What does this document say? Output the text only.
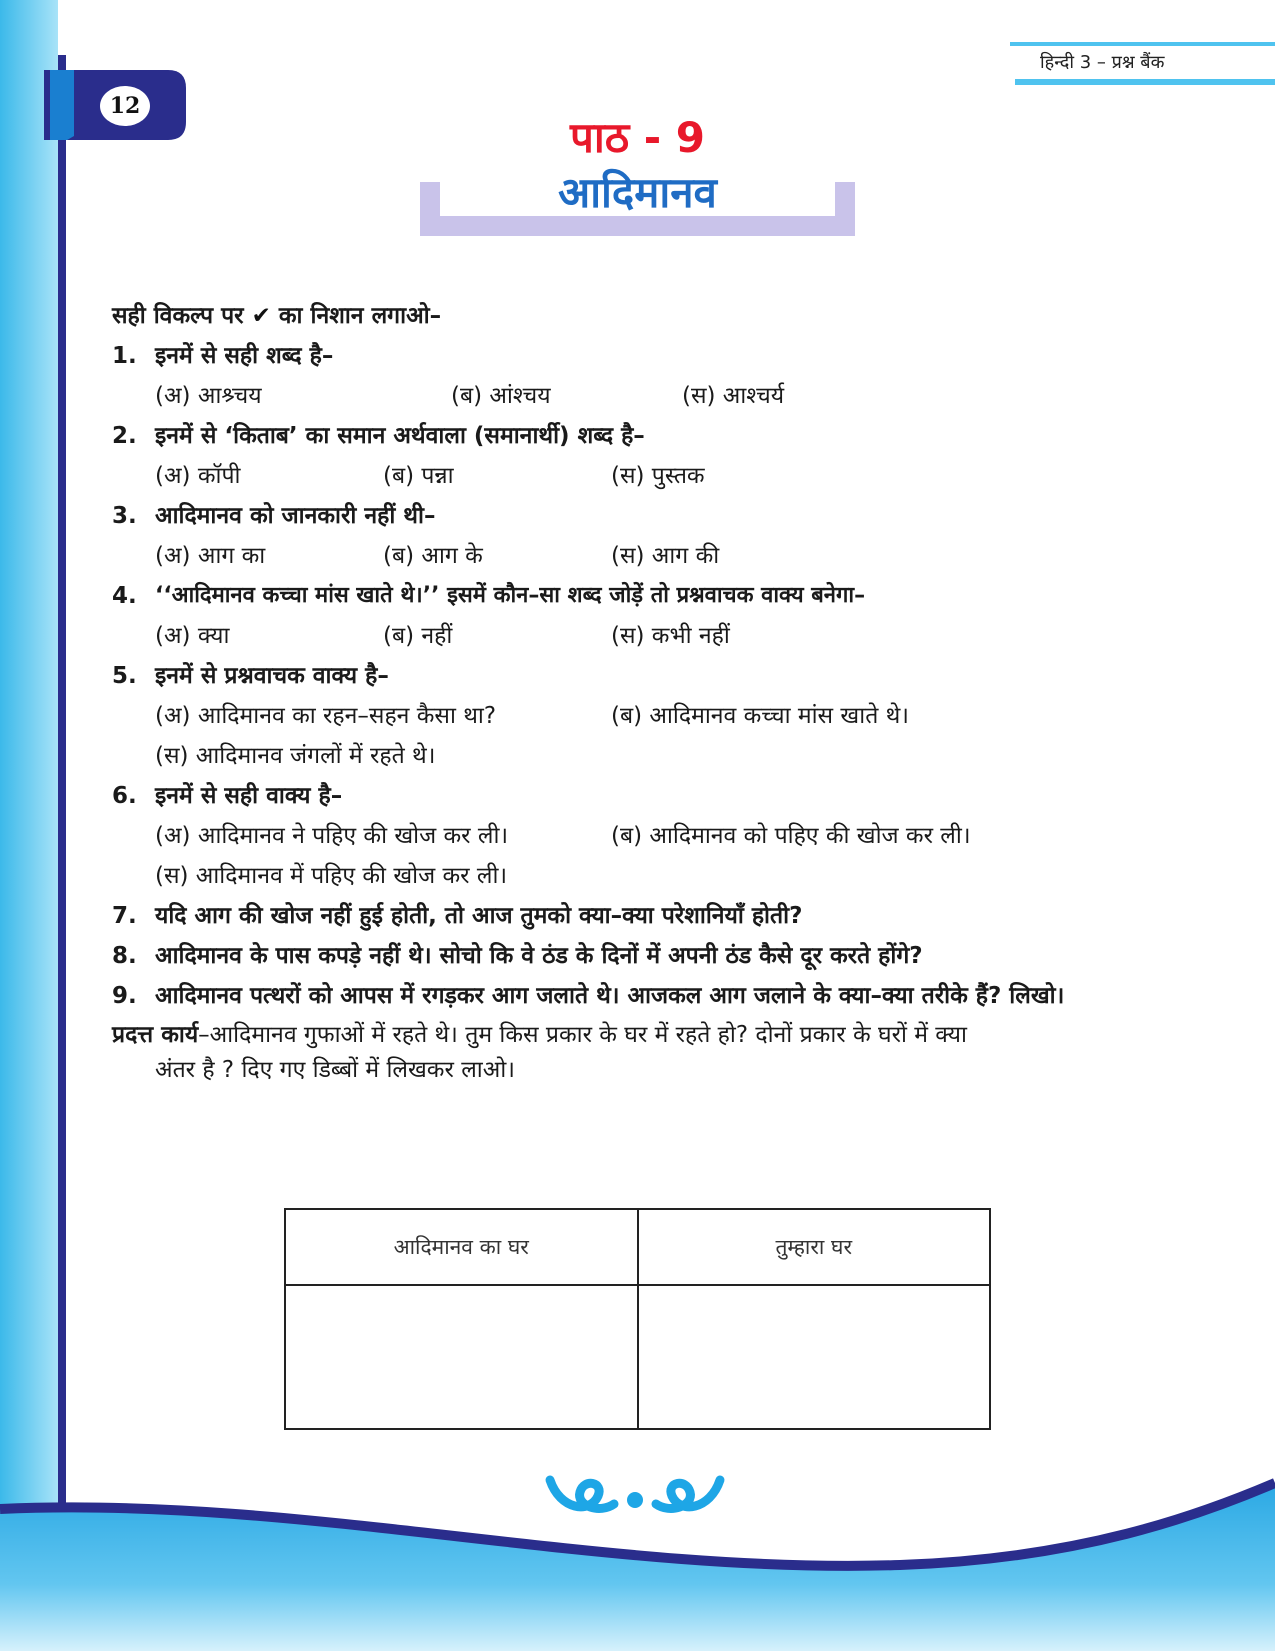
12
हिन्दी 3 – प्रश्न बैंक
पाठ - 9
आदिमानव
सही विकल्प पर ✔ का निशान लगाओ–
1. इनमें से सही शब्द है–
(अ) आश्र्चय	(ब) आंश्चय	(स) आश्चर्य
2. इनमें से ‘किताब’ का समान अर्थवाला (समानार्थी) शब्द है–
(अ) कॉपी	(ब) पन्ना	(स) पुस्तक
3. आदिमानव को जानकारी नहीं थी–
(अ) आग का	(ब) आग के	(स) आग की
4. ‘‘आदिमानव कच्चा मांस खाते थे।’’ इसमें कौन–सा शब्द जोड़ें तो प्रश्नवाचक वाक्य बनेगा–
(अ) क्या	(ब) नहीं	(स) कभी नहीं
5. इनमें से प्रश्नवाचक वाक्य है–
(अ) आदिमानव का रहन–सहन कैसा था?	(ब) आदिमानव कच्चा मांस खाते थे।
(स) आदिमानव जंगलों में रहते थे।
6. इनमें से सही वाक्य है–
(अ) आदिमानव ने पहिए की खोज कर ली।	(ब) आदिमानव को पहिए की खोज कर ली।
(स) आदिमानव में पहिए की खोज कर ली।
7. यदि आग की खोज नहीं हुई होती, तो आज तुमको क्या–क्या परेशानियाँ होती?
8. आदिमानव के पास कपड़े नहीं थे। सोचो कि वे ठंड के दिनों में अपनी ठंड कैसे दूर करते होंगे?
9. आदिमानव पत्थरों को आपस में रगड़कर आग जलाते थे। आजकल आग जलाने के क्या–क्या तरीके हैं? लिखो।
प्रदत्त कार्य–आदिमानव गुफाओं में रहते थे। तुम किस प्रकार के घर में रहते हो? दोनों प्रकार के घरों में क्या
अंतर है ? दिए गए डिब्बों में लिखकर लाओ।
आदिमानव का घर	तुम्हारा घर
